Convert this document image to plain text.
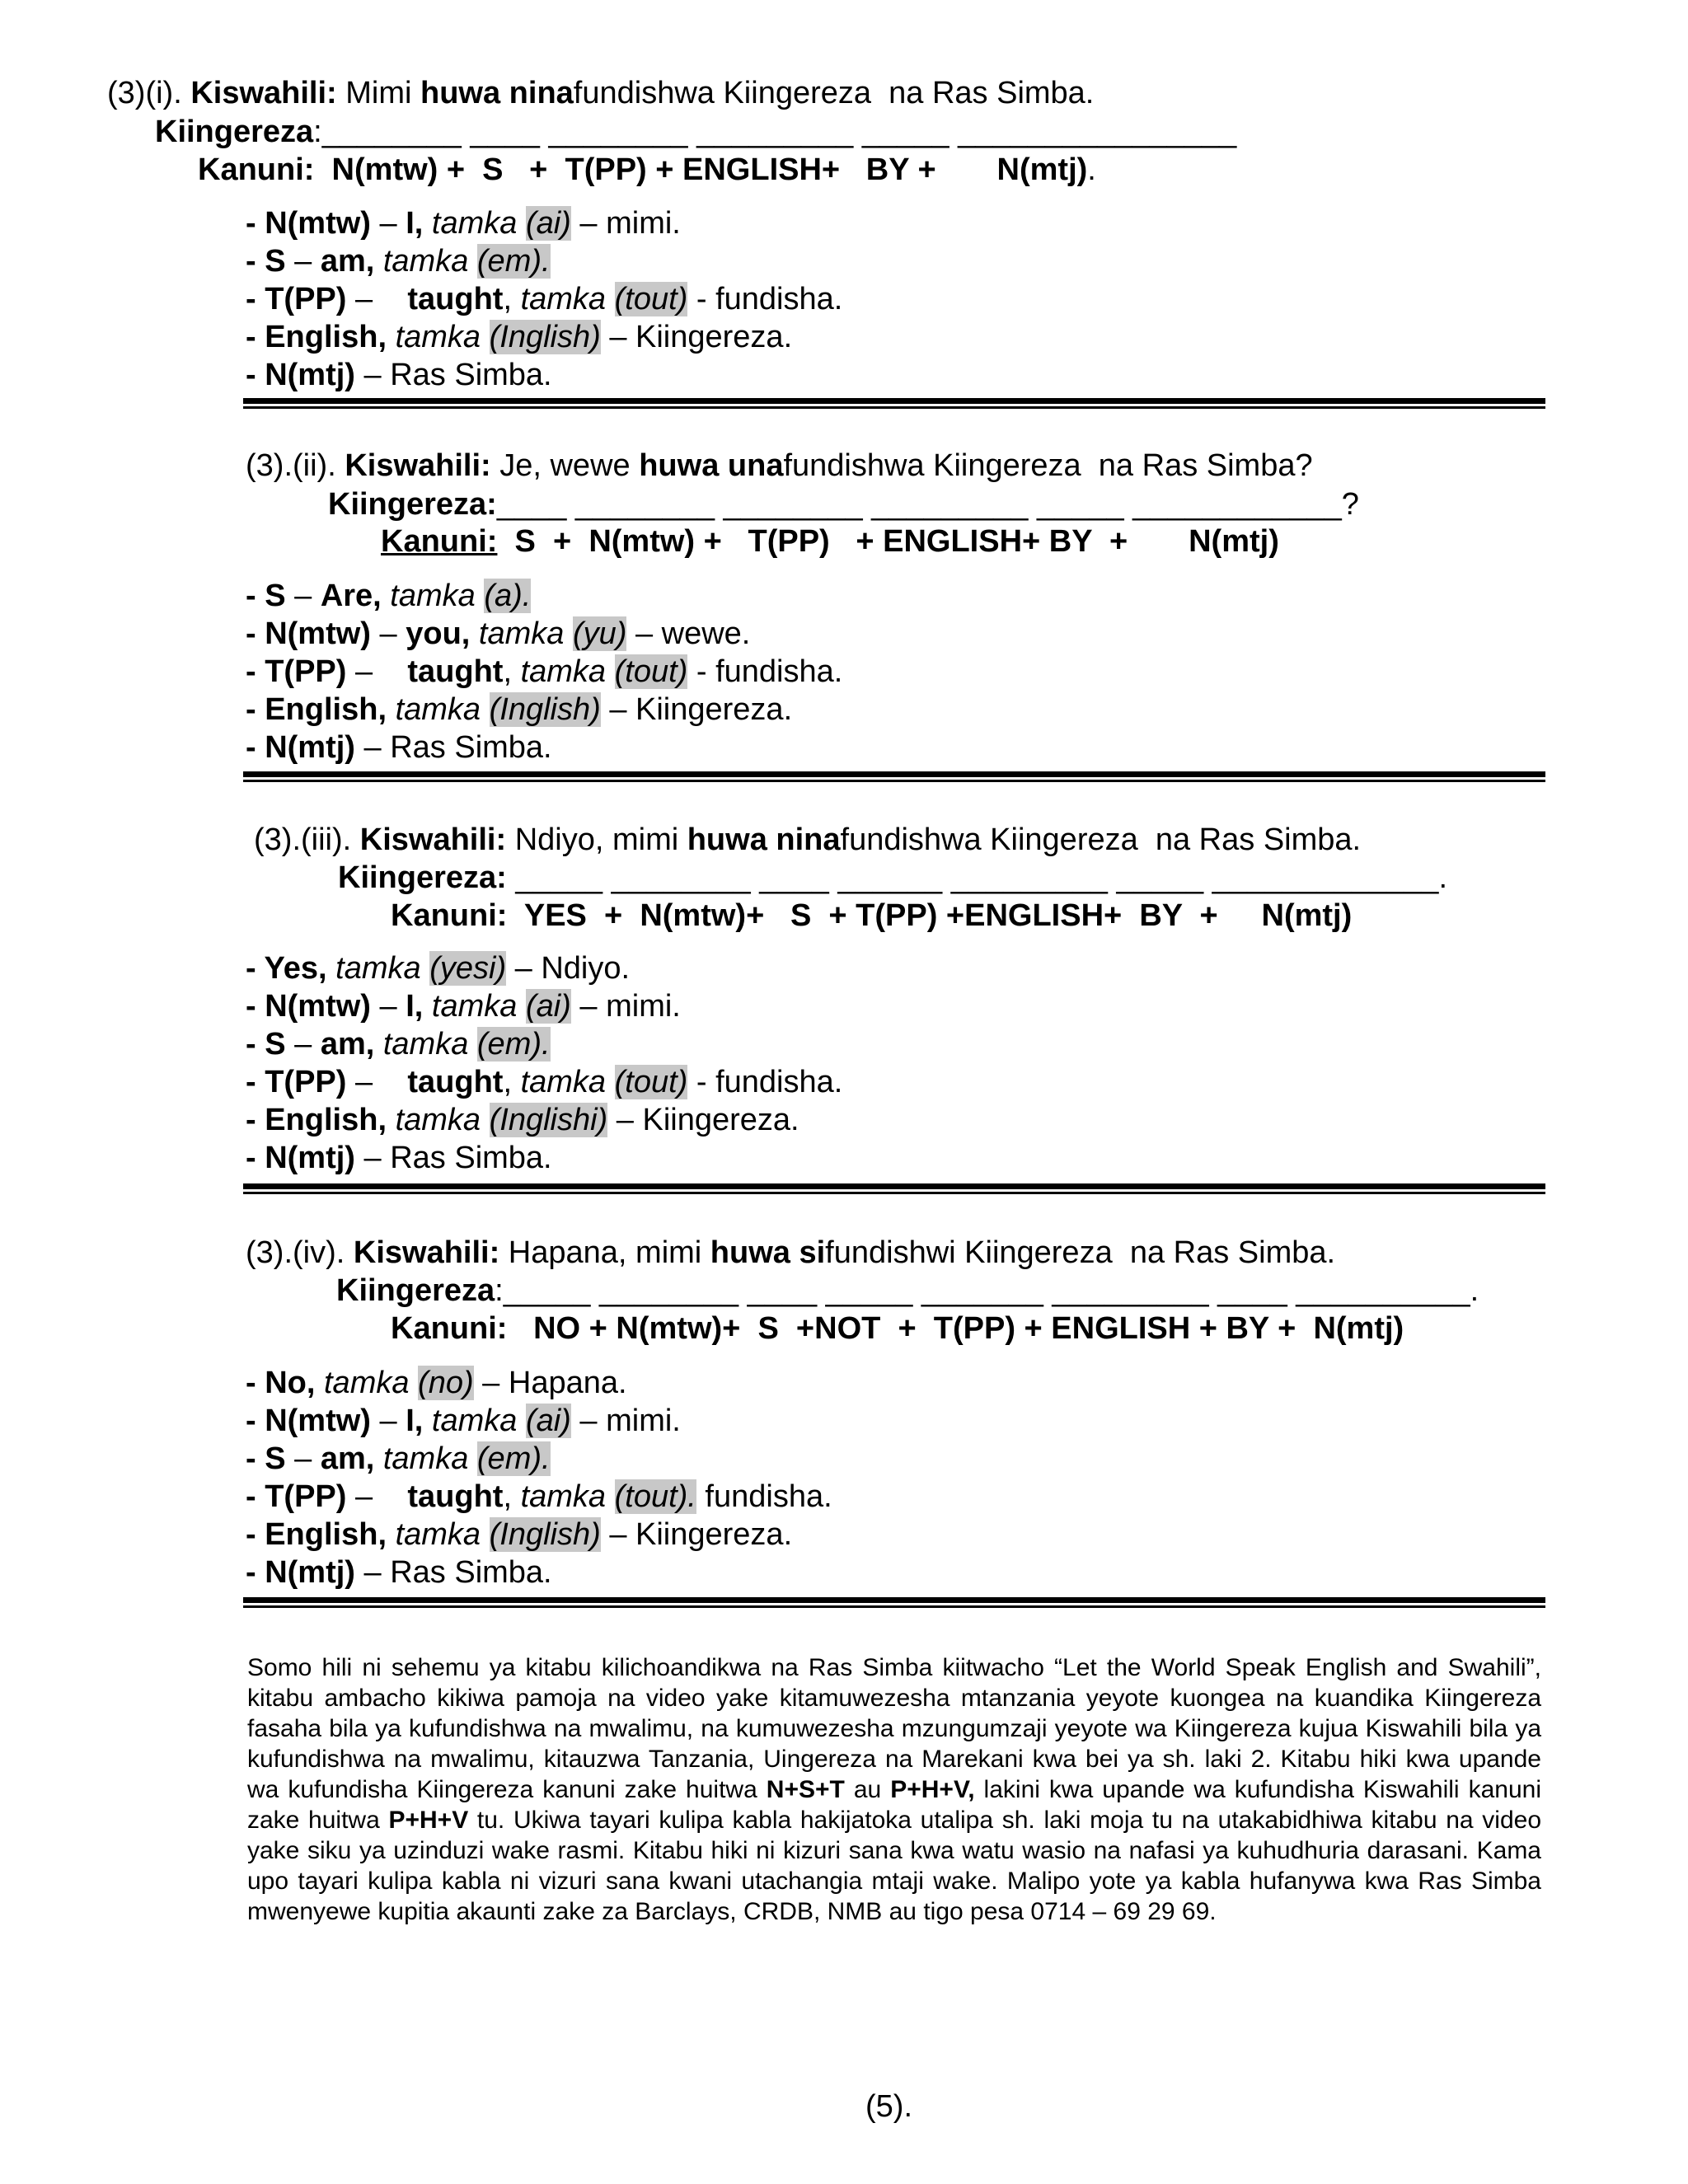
(3)(i). Kiswahili: Mimi huwa ninafundishwa Kiingereza  na Ras Simba.
Kiingereza:________ ____ ________ _________ _____ ________________
Kanuni:  N(mtw) +  S   +  T(PP) + ENGLISH+   BY +       N(mtj).
- N(mtw) – I, tamka (ai) – mimi.
- S – am, tamka (em).
- T(PP) –    taught, tamka (tout) - fundisha.
- English, tamka (Inglish) – Kiingereza.
- N(mtj) – Ras Simba.
(3).(ii). Kiswahili: Je, wewe huwa unafundishwa Kiingereza  na Ras Simba?
Kiingereza:____ ________ ________ _________ _____ ____________?
Kanuni:  S  +  N(mtw) +   T(PP)   + ENGLISH+ BY  +       N(mtj)
- S – Are, tamka (a).
- N(mtw) – you, tamka (yu) – wewe.
- T(PP) –    taught, tamka (tout) - fundisha.
- English, tamka (Inglish) – Kiingereza.
- N(mtj) – Ras Simba.
(3).(iii). Kiswahili: Ndiyo, mimi huwa ninafundishwa Kiingereza  na Ras Simba.
Kiingereza: _____ ________ ____ ______ _________ _____ _____________.
Kanuni:  YES  +  N(mtw)+   S  + T(PP) +ENGLISH+  BY  +     N(mtj)
- Yes, tamka (yesi) – Ndiyo.
- N(mtw) – I, tamka (ai) – mimi.
- S – am, tamka (em).
- T(PP) –    taught, tamka (tout) - fundisha.
- English, tamka (Inglishi) – Kiingereza.
- N(mtj) – Ras Simba.
(3).(iv). Kiswahili: Hapana, mimi huwa sifundishwi Kiingereza  na Ras Simba.
Kiingereza:_____ ________ ____ _____ _______ _________ ____ __________.
Kanuni:   NO + N(mtw)+  S  +NOT  +  T(PP) + ENGLISH + BY +  N(mtj)
- No, tamka (no) – Hapana.
- N(mtw) – I, tamka (ai) – mimi.
- S – am, tamka (em).
- T(PP) –    taught, tamka (tout). fundisha.
- English, tamka (Inglish) – Kiingereza.
- N(mtj) – Ras Simba.
Somo hili ni sehemu ya kitabu kilichoandikwa na Ras Simba kiitwacho “Let the World Speak English and Swahili”, kitabu ambacho kikiwa pamoja na video yake kitamuwezesha mtanzania yeyote kuongea na kuandika Kiingereza fasaha bila ya kufundishwa na mwalimu, na kumuwezesha mzungumzaji yeyote wa Kiingereza kujua Kiswahili bila ya kufundishwa na mwalimu, kitauzwa Tanzania, Uingereza na Marekani kwa bei ya sh. laki 2. Kitabu hiki kwa upande wa kufundisha Kiingereza kanuni zake huitwa N+S+T au P+H+V, lakini kwa upande wa kufundisha Kiswahili kanuni zake huitwa P+H+V tu. Ukiwa tayari kulipa kabla hakijatoka utalipa sh. laki moja tu na utakabidhiwa kitabu na video yake siku ya uzinduzi wake rasmi. Kitabu hiki ni kizuri sana kwa watu wasio na nafasi ya kuhudhuria darasani. Kama upo tayari kulipa kabla ni vizuri sana kwani utachangia mtaji wake. Malipo yote ya kabla hufanywa kwa Ras Simba mwenyewe kupitia akaunti zake za Barclays, CRDB, NMB au tigo pesa 0714 – 69 29 69.
(5).
